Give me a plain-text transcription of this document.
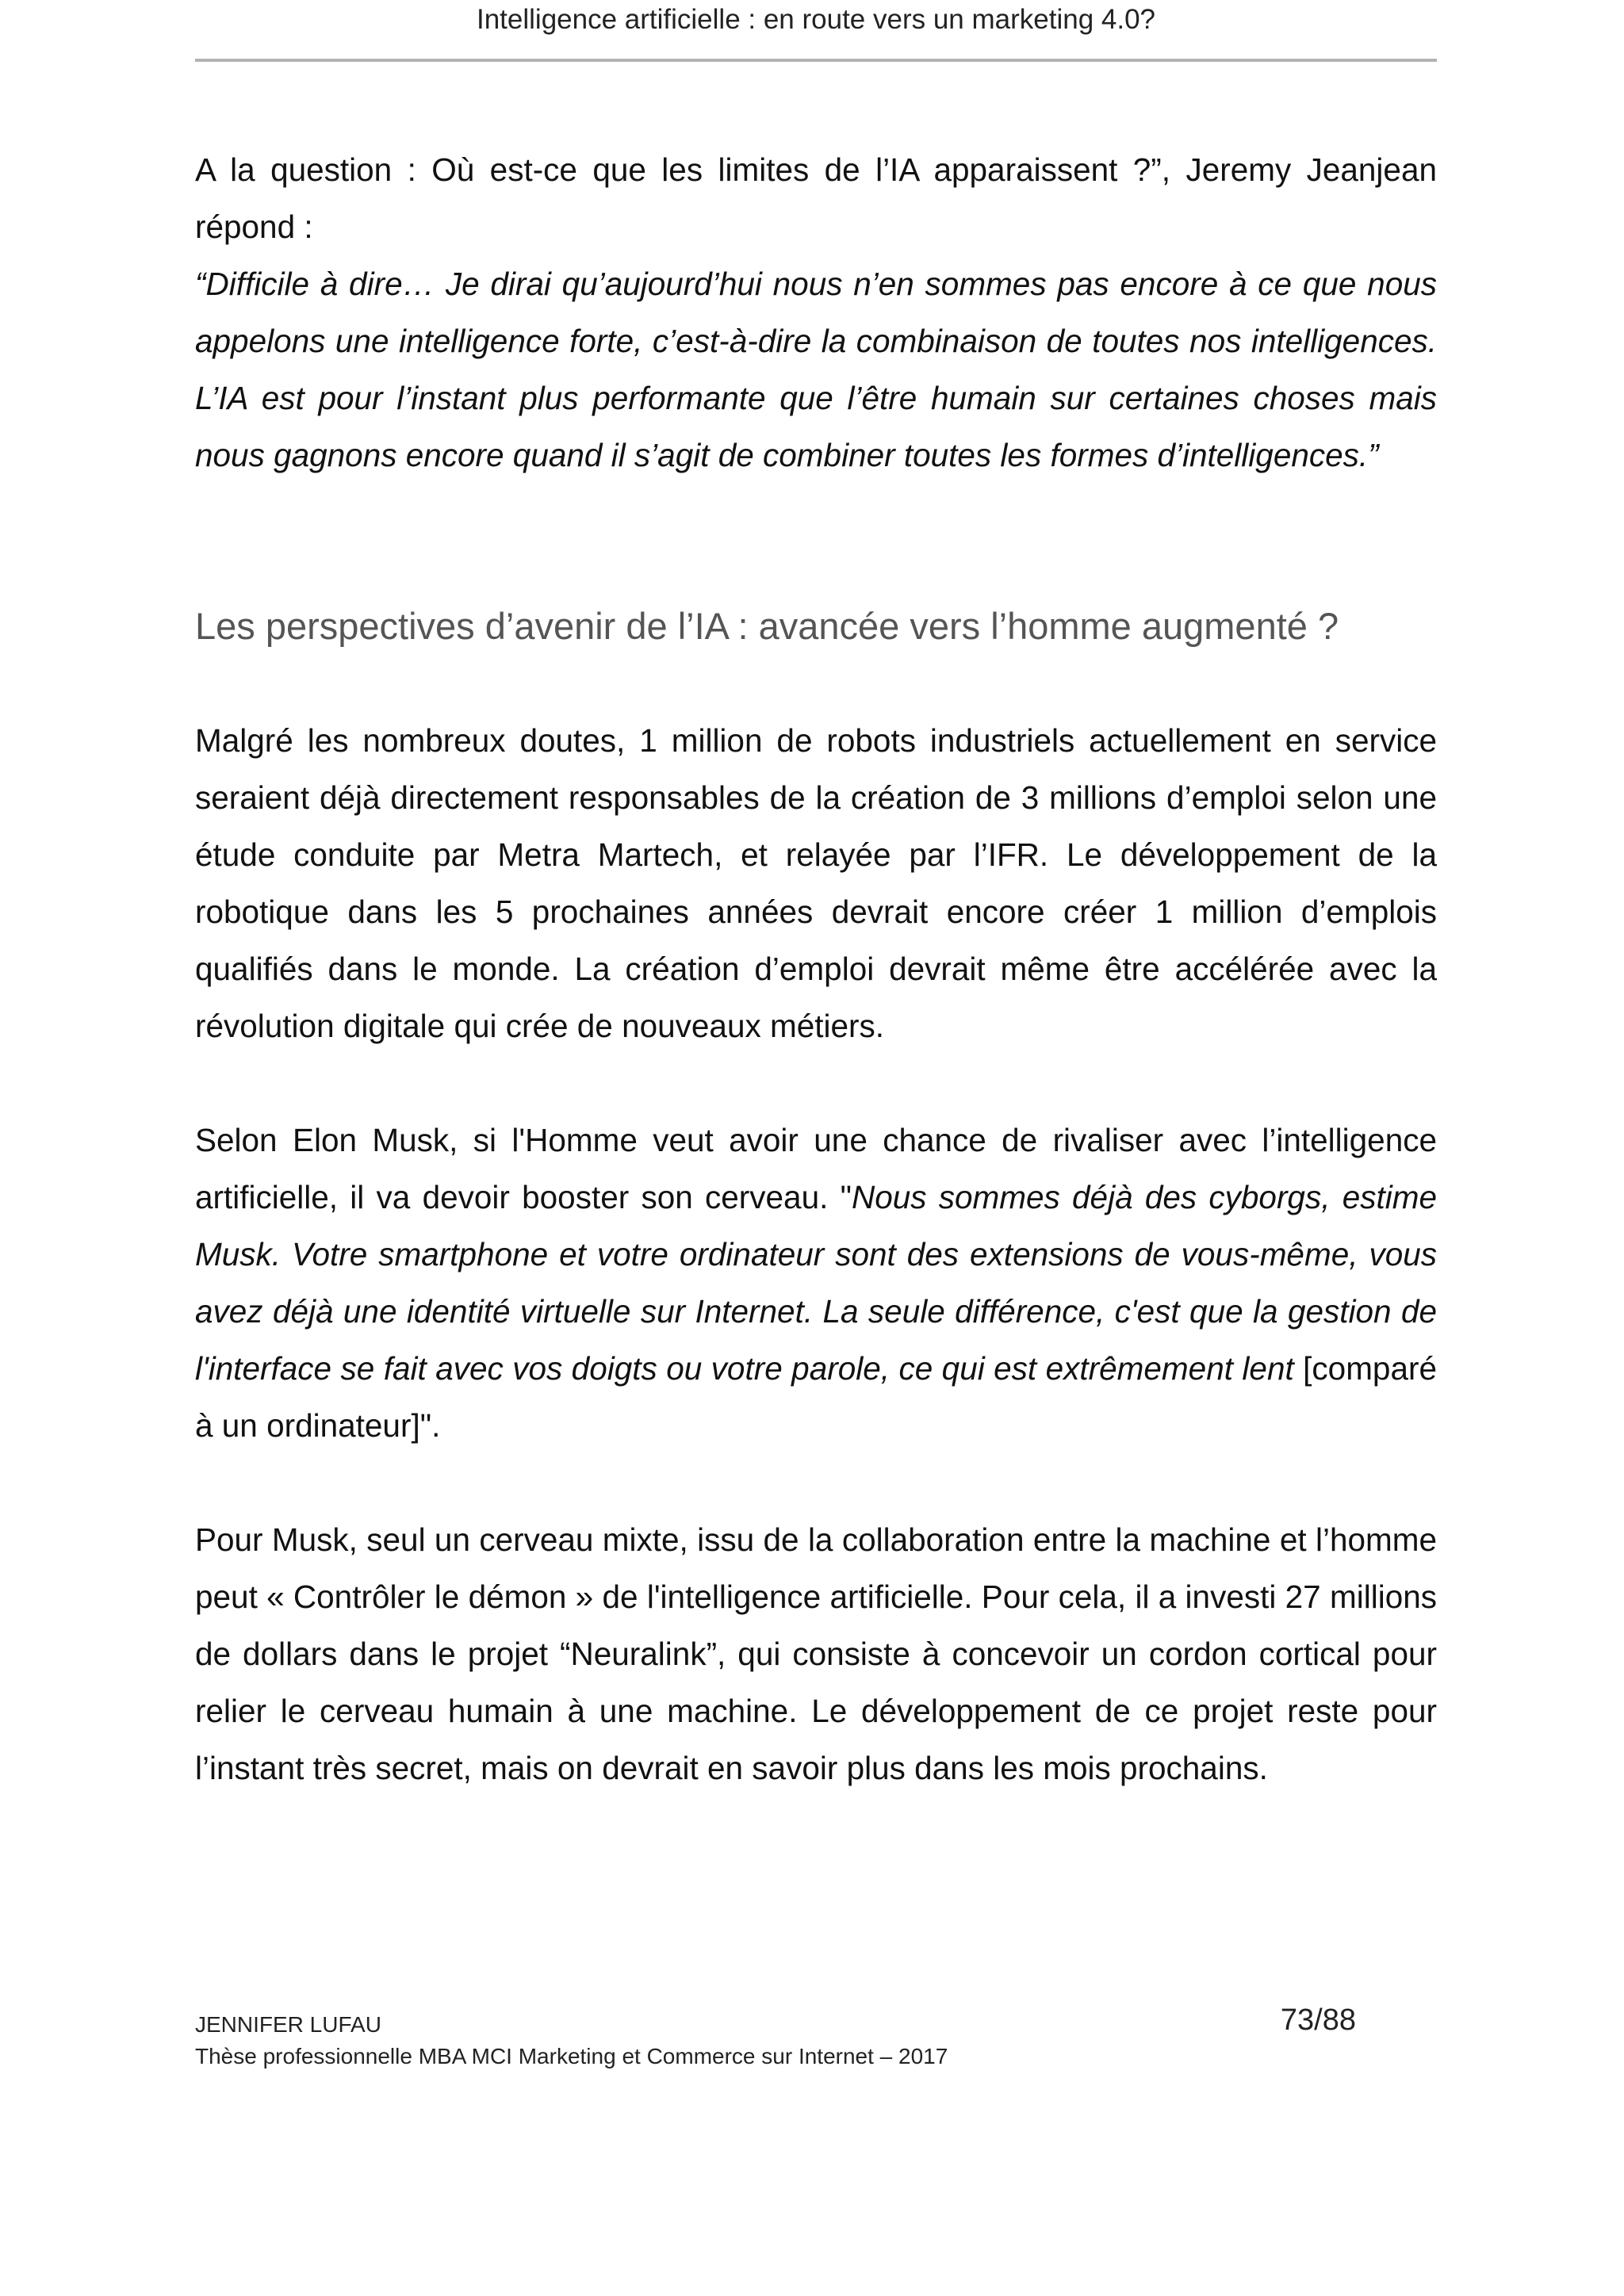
Intelligence artificielle : en route vers un marketing 4.0?

A la question : Où est-ce que les limites de l’IA apparaissent ?”, Jeremy Jeanjean répond :

“Difficile à dire… Je dirai qu’aujourd’hui nous n’en sommes pas encore à ce que nous appelons une intelligence forte, c’est-à-dire la combinaison de toutes nos intelligences. L’IA est pour l’instant plus performante que l’être humain sur certaines choses mais nous gagnons encore quand il s’agit de combiner toutes les formes d’intelligences.”

Les perspectives d’avenir de l’IA : avancée vers l’homme augmenté ?

Malgré les nombreux doutes, 1 million de robots industriels actuellement en service seraient déjà directement responsables de la création de 3 millions d’emploi selon une étude conduite par Metra Martech, et relayée par l’IFR. Le développement de la robotique dans les 5 prochaines années devrait encore créer 1 million d’emplois qualifiés dans le monde. La création d’emploi devrait même être accélérée avec la révolution digitale qui crée de nouveaux métiers.

Selon Elon Musk, si l'Homme veut avoir une chance de rivaliser avec l’intelligence artificielle, il va devoir booster son cerveau. "Nous sommes déjà des cyborgs, estime Musk. Votre smartphone et votre ordinateur sont des extensions de vous-même, vous avez déjà une identité virtuelle sur Internet. La seule différence, c'est que la gestion de l'interface se fait avec vos doigts ou votre parole, ce qui est extrêmement lent [comparé à un ordinateur]".

Pour Musk, seul un cerveau mixte, issu de la collaboration entre la machine et l’homme peut « Contrôler le démon » de l'intelligence artificielle. Pour cela, il a investi 27 millions de dollars dans le projet “Neuralink”, qui consiste à concevoir un cordon cortical pour relier le cerveau humain à une machine. Le développement de ce projet reste pour l’instant très secret, mais on devrait en savoir plus dans les mois prochains.

JENNIFER LUFAU
Thèse professionnelle MBA MCI Marketing et Commerce sur Internet – 2017
73/88
